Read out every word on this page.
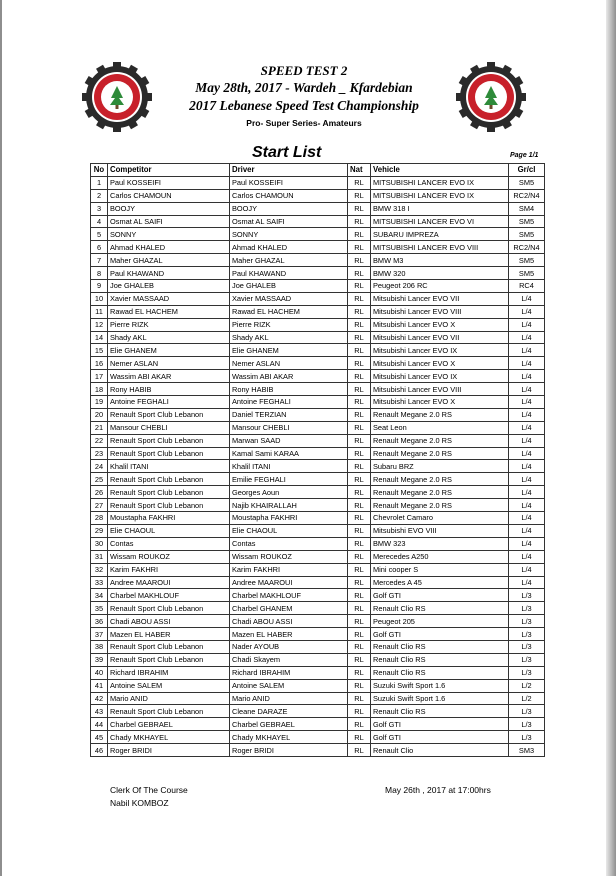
SPEED TEST 2
May 28th, 2017 - Wardeh _ Kfardebian
2017 Lebanese Speed Test Championship
Pro- Super Series- Amateurs
Start List	Page 1/1
No	Competitor	Driver	Nat	Vehicle	Gr/cl
1	Paul KOSSEIFI	Paul KOSSEIFI	RL	MITSUBISHI LANCER EVO IX	SM5
2	Carlos CHAMOUN	Carlos CHAMOUN	RL	MITSUBISHI LANCER EVO IX	RC2/N4
3	BOOJY	BOOJY	RL	BMW 318 I	SM4
4	Osmat AL SAIFI	Osmat AL SAIFI	RL	MITSUBISHI LANCER EVO VI	SM5
5	SONNY	SONNY	RL	SUBARU IMPREZA	SM5
6	Ahmad KHALED	Ahmad KHALED	RL	MITSUBISHI LANCER EVO VIII	RC2/N4
7	Maher GHAZAL	Maher GHAZAL	RL	BMW M3	SM5
8	Paul KHAWAND	Paul KHAWAND	RL	BMW 320	SM5
9	Joe GHALEB	Joe GHALEB	RL	Peugeot 206 RC	RC4
10	Xavier MASSAAD	Xavier MASSAAD	RL	Mitsubishi Lancer EVO VII	L/4
11	Rawad EL HACHEM	Rawad EL HACHEM	RL	Mitsubishi Lancer EVO VIII	L/4
12	Pierre RIZK	Pierre RIZK	RL	Mitsubishi Lancer EVO X	L/4
14	Shady AKL	Shady AKL	RL	Mitsubishi Lancer EVO VII	L/4
15	Elie GHANEM	Elie GHANEM	RL	Mitsubishi Lancer EVO IX	L/4
16	Nemer ASLAN	Nemer ASLAN	RL	Mitsubishi Lancer EVO X	L/4
17	Wassim ABI AKAR	Wassim ABI AKAR	RL	Mitsubishi Lancer EVO IX	L/4
18	Rony HABIB	Rony HABIB	RL	Mitsubishi Lancer EVO VIII	L/4
19	Antoine FEGHALI	Antoine FEGHALI	RL	Mitsubishi Lancer EVO X	L/4
20	Renault Sport Club Lebanon	Daniel TERZIAN	RL	Renault Megane 2.0 RS	L/4
21	Mansour CHEBLI	Mansour CHEBLI	RL	Seat Leon	L/4
22	Renault Sport Club Lebanon	Marwan SAAD	RL	Renault Megane 2.0 RS	L/4
23	Renault Sport Club Lebanon	Kamal Sami KARAA	RL	Renault Megane 2.0 RS	L/4
24	Khalil ITANI	Khalil ITANI	RL	Subaru BRZ	L/4
25	Renault Sport Club Lebanon	Emilie FEGHALI	RL	Renault Megane 2.0 RS	L/4
26	Renault Sport Club Lebanon	Georges Aoun	RL	Renault Megane 2.0 RS	L/4
27	Renault Sport Club Lebanon	Najib KHAIRALLAH	RL	Renault Megane 2.0 RS	L/4
28	Moustapha FAKHRI	Moustapha FAKHRI	RL	Chevrolet Camaro	L/4
29	Elie CHAOUL	Elie CHAOUL	RL	Mitsubishi EVO VIII	L/4
30	Contas	Contas	RL	BMW 323	L/4
31	Wissam ROUKOZ	Wissam ROUKOZ	RL	Merecedes A250	L/4
32	Karim FAKHRI	Karim FAKHRI	RL	Mini cooper S	L/4
33	Andree MAAROUI	Andree MAAROUI	RL	Mercedes A 45	L/4
34	Charbel MAKHLOUF	Charbel MAKHLOUF	RL	Golf GTI	L/3
35	Renault Sport Club Lebanon	Charbel GHANEM	RL	Renault Clio RS	L/3
36	Chadi ABOU ASSI	Chadi ABOU ASSI	RL	Peugeot 205	L/3
37	Mazen EL HABER	Mazen EL HABER	RL	Golf GTI	L/3
38	Renault Sport Club Lebanon	Nader AYOUB	RL	Renault Clio RS	L/3
39	Renault Sport Club Lebanon	Chadi Skayem	RL	Renault Clio RS	L/3
40	Richard IBRAHIM	Richard IBRAHIM	RL	Renault Clio RS	L/3
41	Antoine SALEM	Antoine SALEM	RL	Suzuki Swift Sport 1.6	L/2
42	Mario ANID	Mario ANID	RL	Suzuki Swift Sport 1.6	L/2
43	Renault Sport Club Lebanon	Cleane DARAZE	RL	Renault Clio RS	L/3
44	Charbel GEBRAEL	Charbel GEBRAEL	RL	Golf GTI	L/3
45	Chady MKHAYEL	Chady MKHAYEL	RL	Golf GTI	L/3
46	Roger BRIDI	Roger BRIDI	RL	Renault Clio	SM3
Clerk Of The Course
Nabil KOMBOZ
May 26th , 2017 at 17:00hrs
